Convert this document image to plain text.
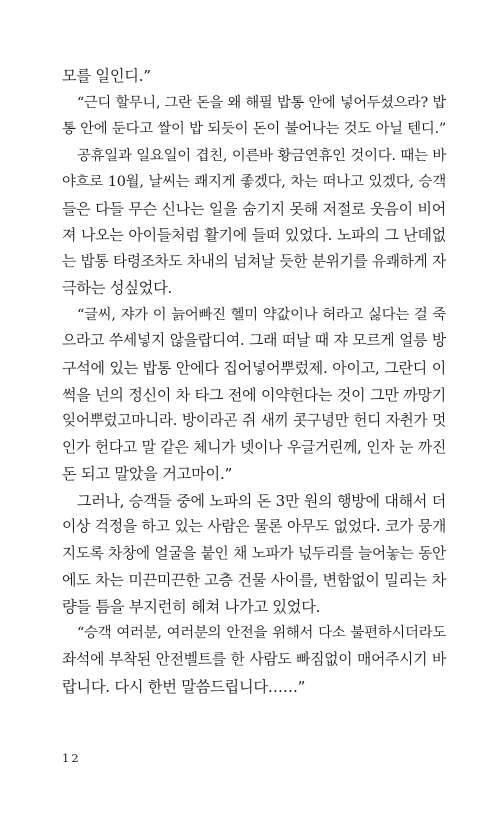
모를 일인디.”
“근디 할무니, 그란 돈을 왜 해필 밥통 안에 넣어두셨으라? 밥
통 안에 둔다고 쌀이 밥 되듯이 돈이 불어나는 것도 아닐 텐디.”
공휴일과 일요일이 겹친, 이른바 황금연휴인 것이다. 때는 바
야흐로 10월, 날씨는 쾌지게 좋겠다, 차는 떠나고 있겠다, 승객
들은 다들 무슨 신나는 일을 숨기지 못해 저절로 웃음이 비어
져 나오는 아이들처럼 활기에 들떠 있었다. 노파의 그 난데없
는 밥통 타령조차도 차내의 넘쳐날 듯한 분위기를 유쾌하게 자
극하는 성싶었다.
“글씨, 쟈가 이 늙어빠진 헬미 약값이나 허라고 싫다는 걸 죽
으라고 쑤세넣지 않을랍디여. 그래 떠날 때 쟈 모르게 얼릉 방
구석에 있는 밥통 안에다 집어넣어뿌렀제. 아이고, 그란디 이
썩을 넌의 정신이 차 타그 전에 이약헌다는 것이 그만 까망기
잊어뿌렀고마니라. 방이라곤 쥐 새끼 콧구녕만 헌디 자췬가 멋
인가 헌다고 말 같은 체니가 넷이나 우글거린께, 인자 눈 까진
돈 되고 말았을 거고마이.”
그러나, 승객들 중에 노파의 돈 3만 원의 행방에 대해서 더
이상 걱정을 하고 있는 사람은 물론 아무도 없었다. 코가 뭉개
지도록 차창에 얼굴을 붙인 채 노파가 넋두리를 늘어놓는 동안
에도 차는 미끈미끈한 고층 건물 사이를, 변함없이 밀리는 차
량들 틈을 부지런히 헤쳐 나가고 있었다.
“승객 여러분, 여러분의 안전을 위해서 다소 불편하시더라도
좌석에 부착된 안전벨트를 한 사람도 빠짐없이 매어주시기 바
랍니다. 다시 한번 말씀드립니다……”
12
